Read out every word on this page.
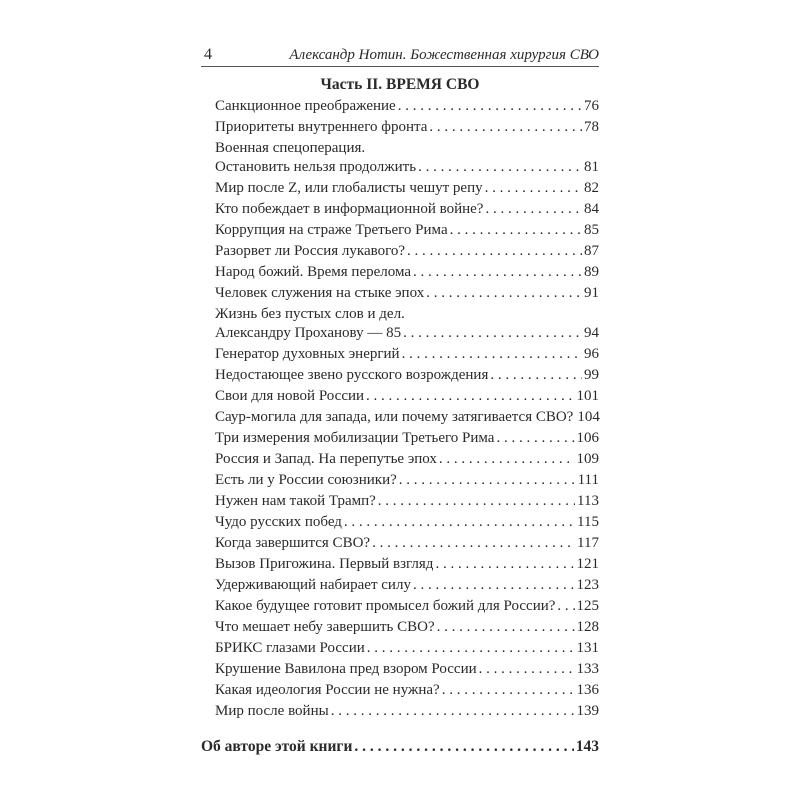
4	Александр Нотин. Божественная хирургия СВО
Часть II. ВРЕМЯ СВО
Санкционное преображение . . .	76
Приоритеты внутреннего фронта . . .	78
Военная спецоперация.
Остановить нельзя продолжить . . .	81
Мир после Z, или глобалисты чешут репу . . .	82
Кто побеждает в информационной войне? . . .	84
Коррупция на страже Третьего Рима . . .	85
Разорвет ли Россия лукавого? . . .	87
Народ божий. Время перелома . . .	89
Человек служения на стыке эпох . . .	91
Жизнь без пустых слов и дел.
Александру Проханову — 85 . . .	94
Генератор духовных энергий . . .	96
Недостающее звено русского возрождения . . .	99
Свои для новой России . . .	101
Саур-могила для запада, или почему затягивается СВО? 104
Три измерения мобилизации Третьего Рима . . .	106
Россия и Запад. На перепутье эпох . . .	109
Есть ли у России союзники? . . .	111
Нужен нам такой Трамп? . . .	113
Чудо русских побед . . .	115
Когда завершится СВО? . . .	117
Вызов Пригожина. Первый взгляд . . .	121
Удерживающий набирает силу . . .	123
Какое будущее готовит промысел божий для России? . . . 125
Что мешает небу завершить СВО? . . .	128
БРИКС глазами России . . .	131
Крушение Вавилона пред взором России . . .	133
Какая идеология России не нужна? . . .	136
Мир после войны . . .	139
Об авторе этой книги . . .	143
